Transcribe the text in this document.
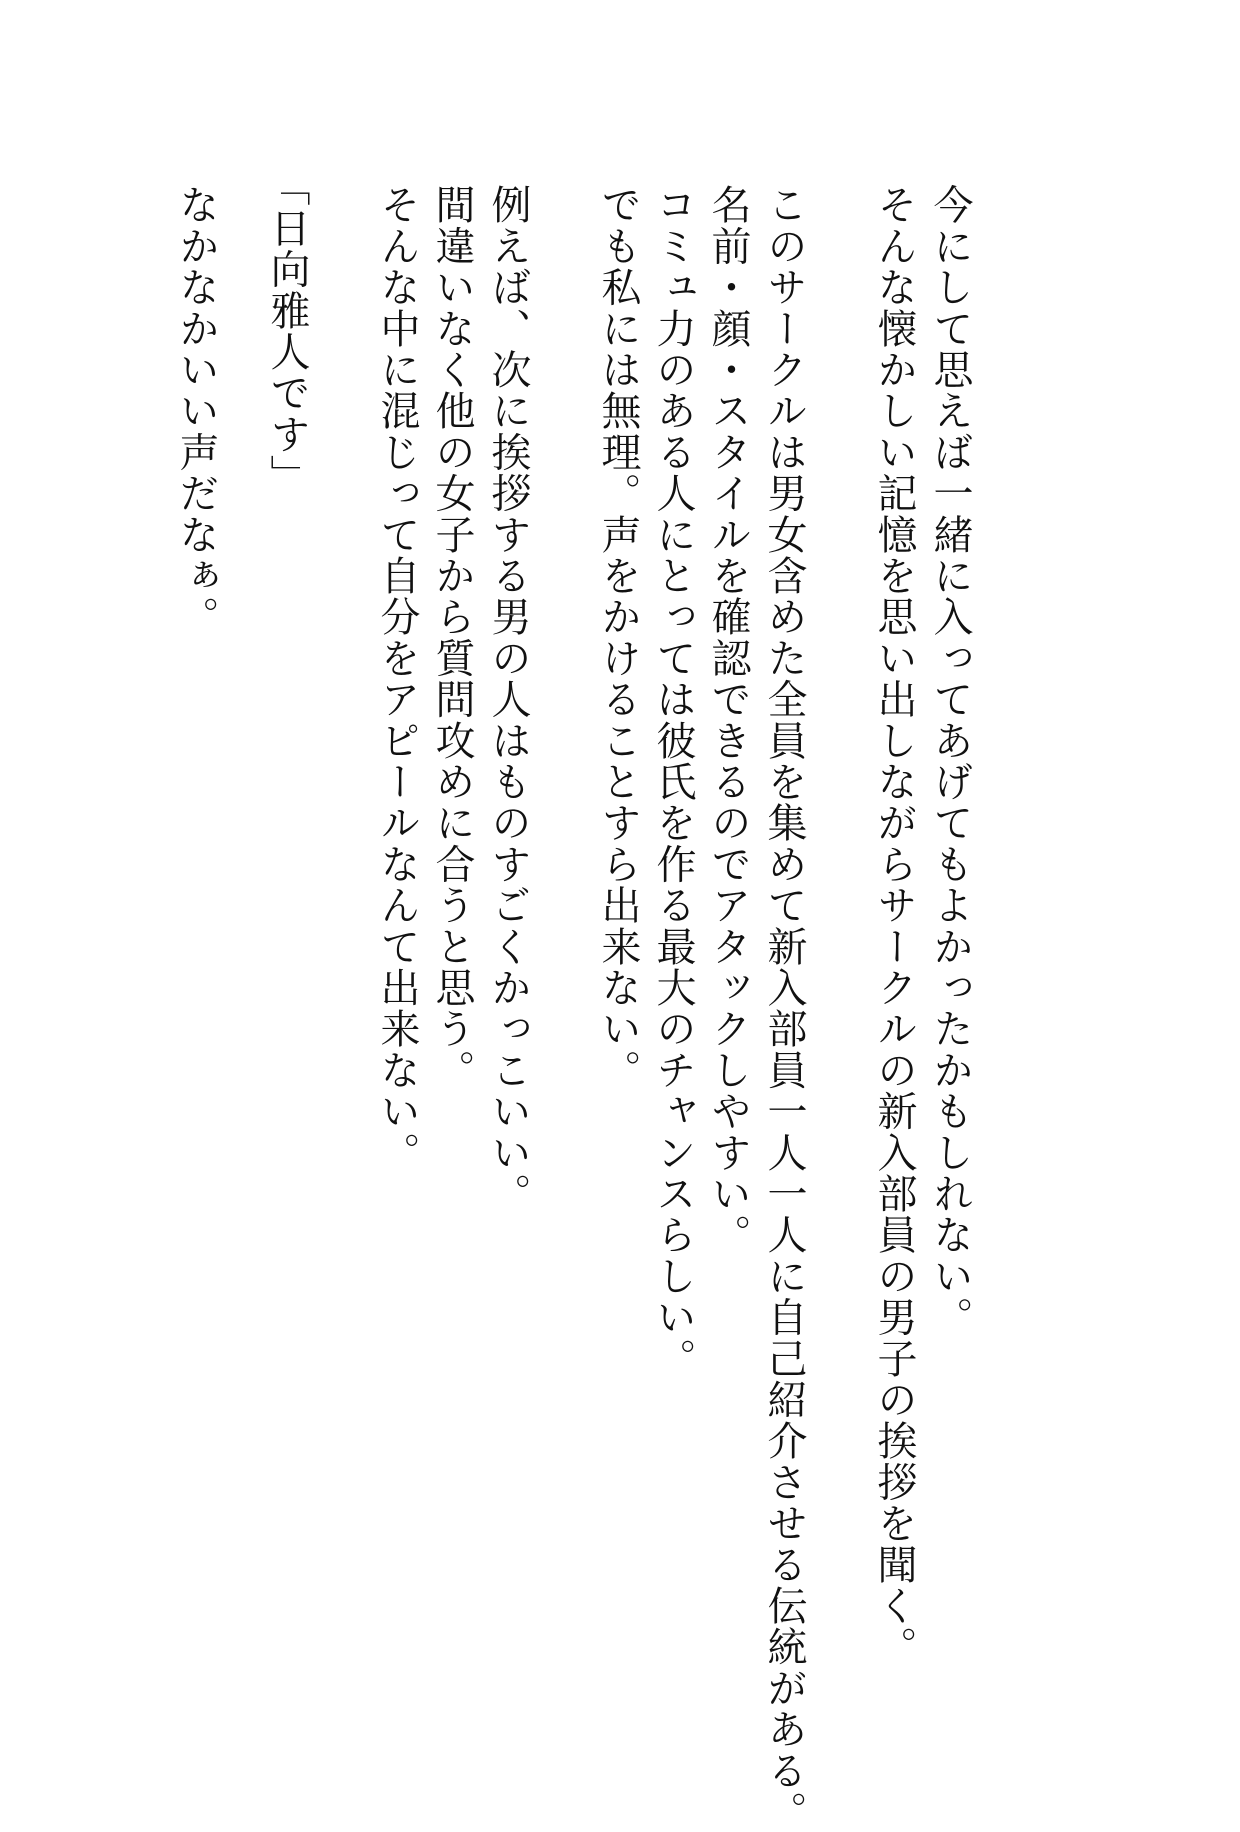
今にして思えば一緒に入ってあげてもよかったかもしれない。
そんな懐かしい記憶を思い出しながらサークルの新入部員の男子の挨拶を聞く。
このサークルは男女含めた全員を集めて新入部員一人一人に自己紹介させる伝統がある。
名前・顔・スタイルを確認できるのでアタックしやすい。
コミュ力のある人にとっては彼氏を作る最大のチャンスらしい。
でも私には無理。声をかけることすら出来ない。
例えば、次に挨拶する男の人はものすごくかっこいい。
間違いなく他の女子から質問攻めに合うと思う。
そんな中に混じって自分をアピールなんて出来ない。
「日向雅人です」
なかなかいい声だなぁ。
